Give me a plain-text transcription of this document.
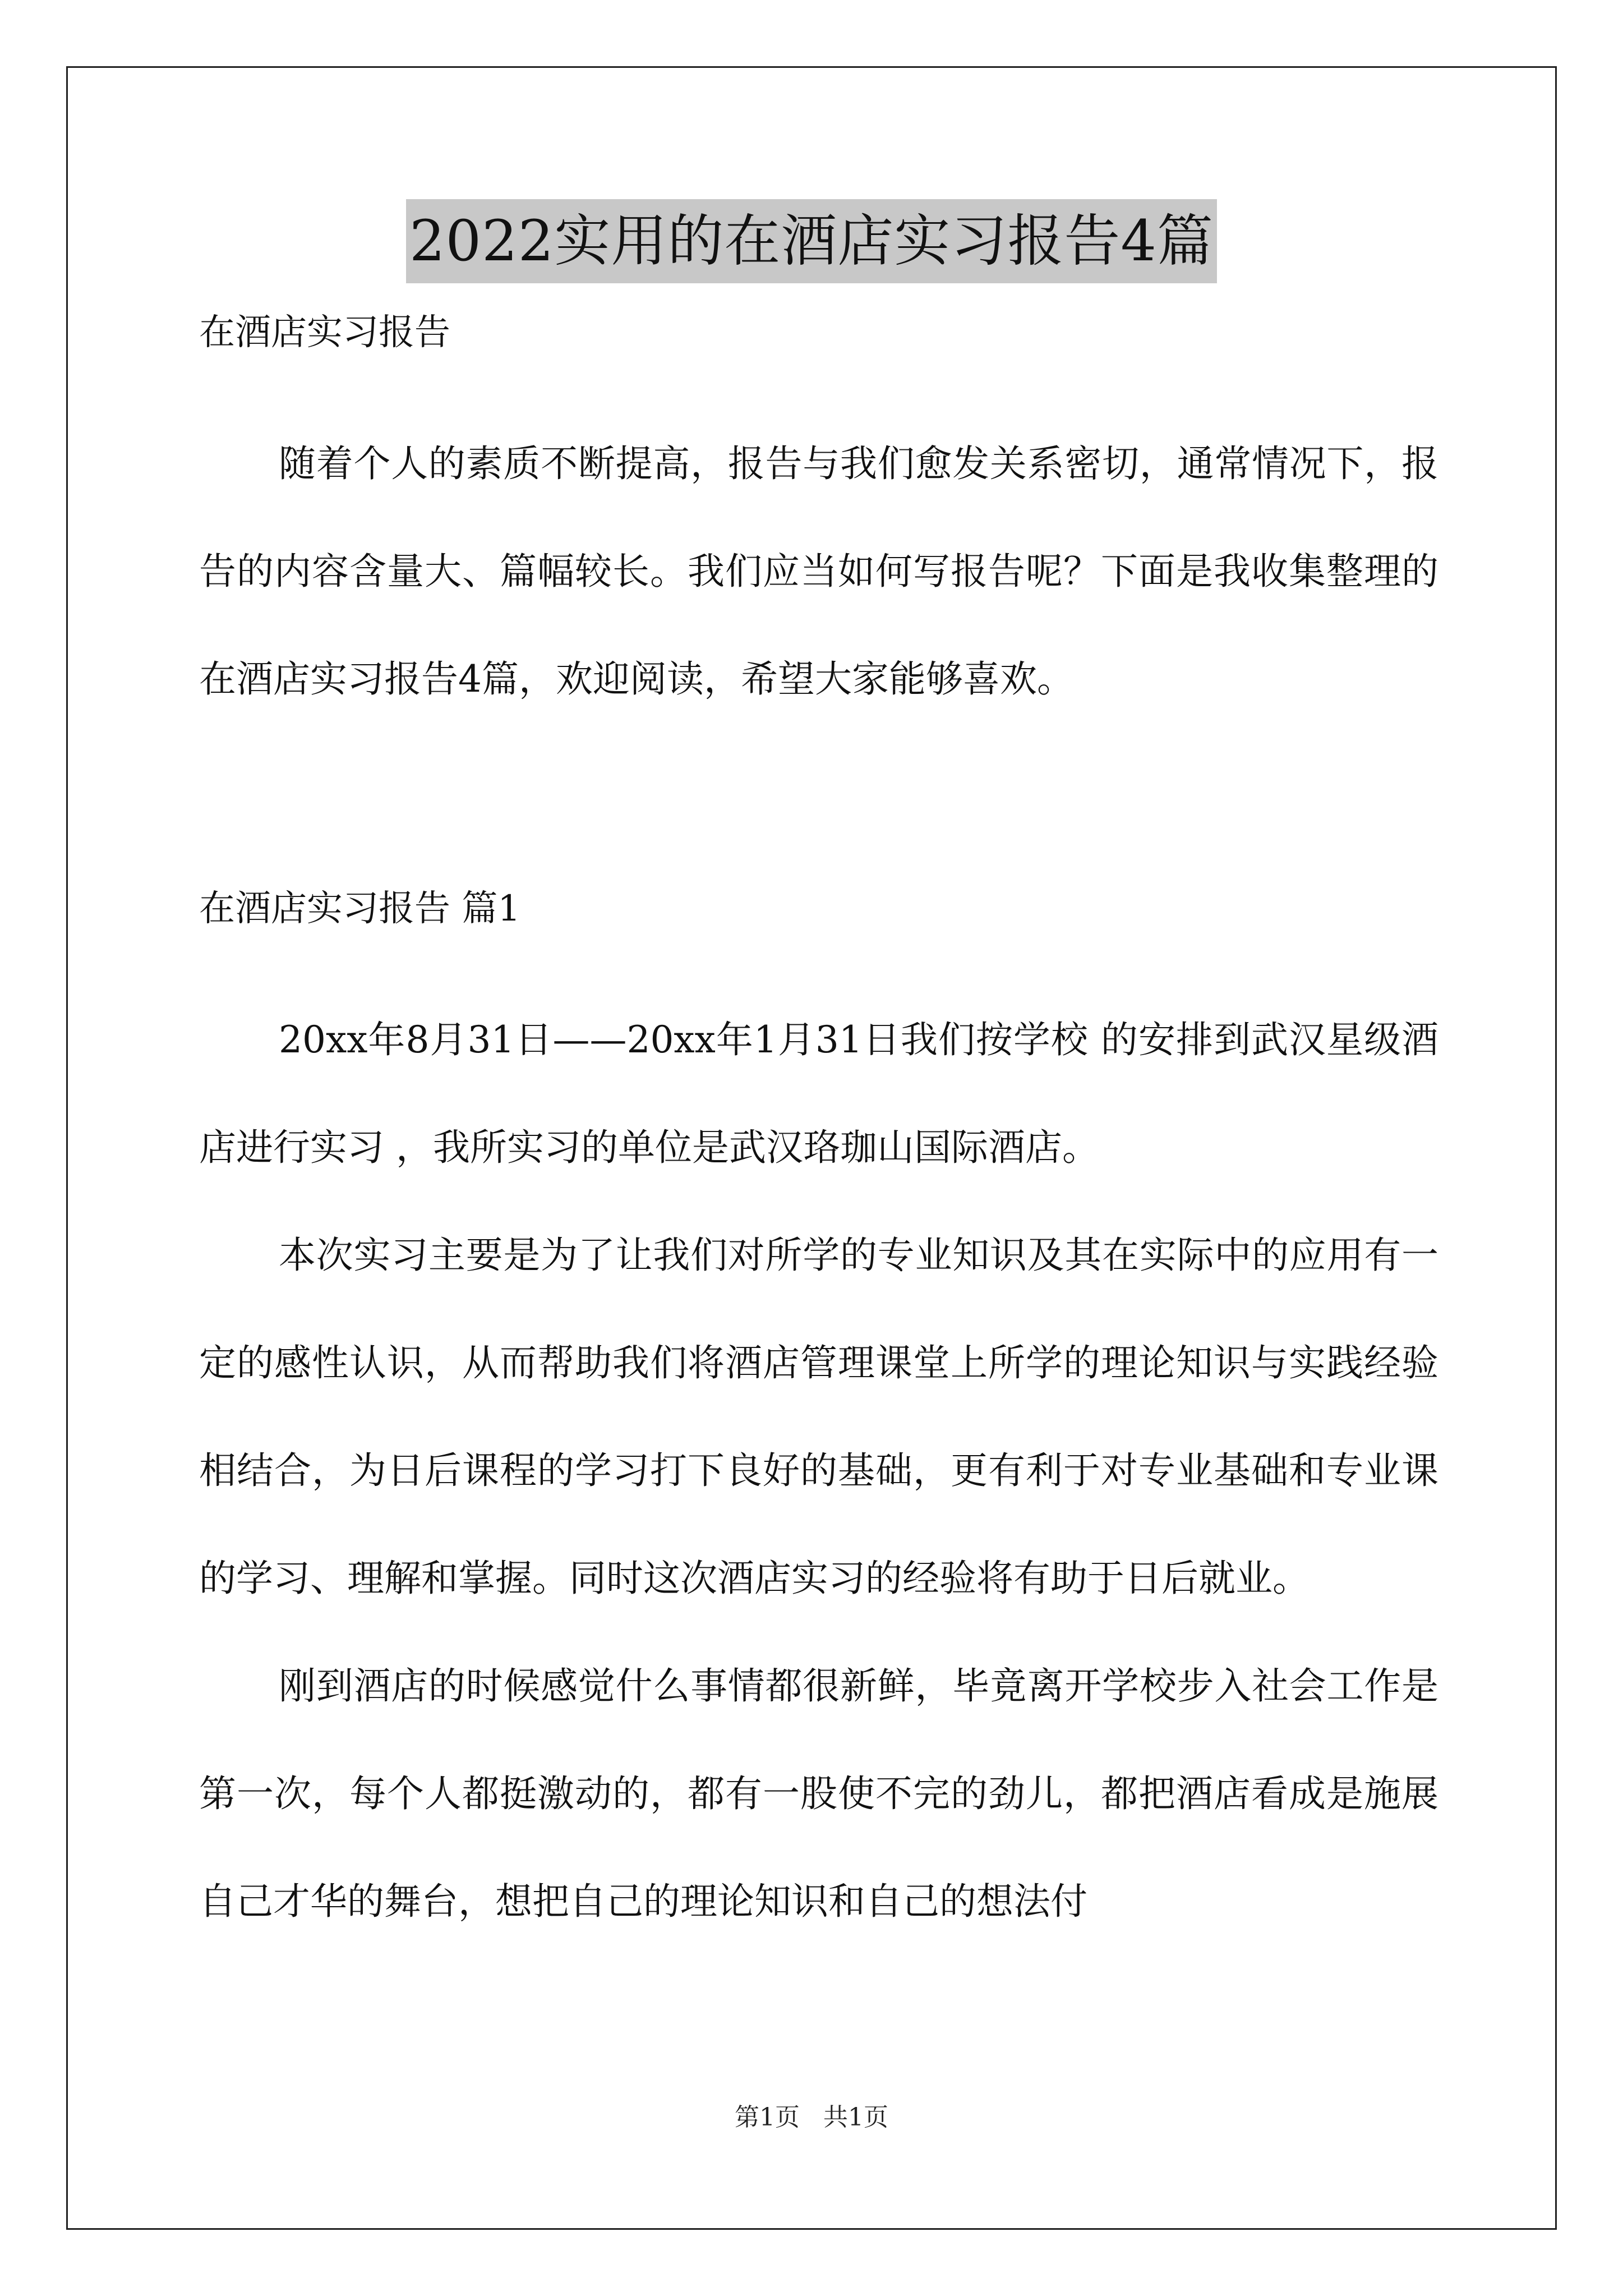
2022实用的在酒店实习报告4篇

在酒店实习报告

随着个人的素质不断提高，报告与我们愈发关系密切，通常情况下，报告的内容含量大、篇幅较长。我们应当如何写报告呢？下面是我收集整理的在酒店实习报告4篇，欢迎阅读，希望大家能够喜欢。

在酒店实习报告 篇1

20xx年8月31日——20xx年1月31日我们按学校 的安排到武汉星级酒店进行实习 ，我所实习的单位是武汉珞珈山国际酒店。

本次实习主要是为了让我们对所学的专业知识及其在实际中的应用有一定的感性认识，从而帮助我们将酒店管理课堂上所学的理论知识与实践经验相结合，为日后课程的学习打下良好的基础，更有利于对专业基础和专业课的学习、理解和掌握。同时这次酒店实习的经验将有助于日后就业。

刚到酒店的时候感觉什么事情都很新鲜，毕竟离开学校步入社会工作是第一次，每个人都挺激动的，都有一股使不完的劲儿，都把酒店看成是施展自己才华的舞台，想把自己的理论知识和自己的想法付

第1页   共1页
